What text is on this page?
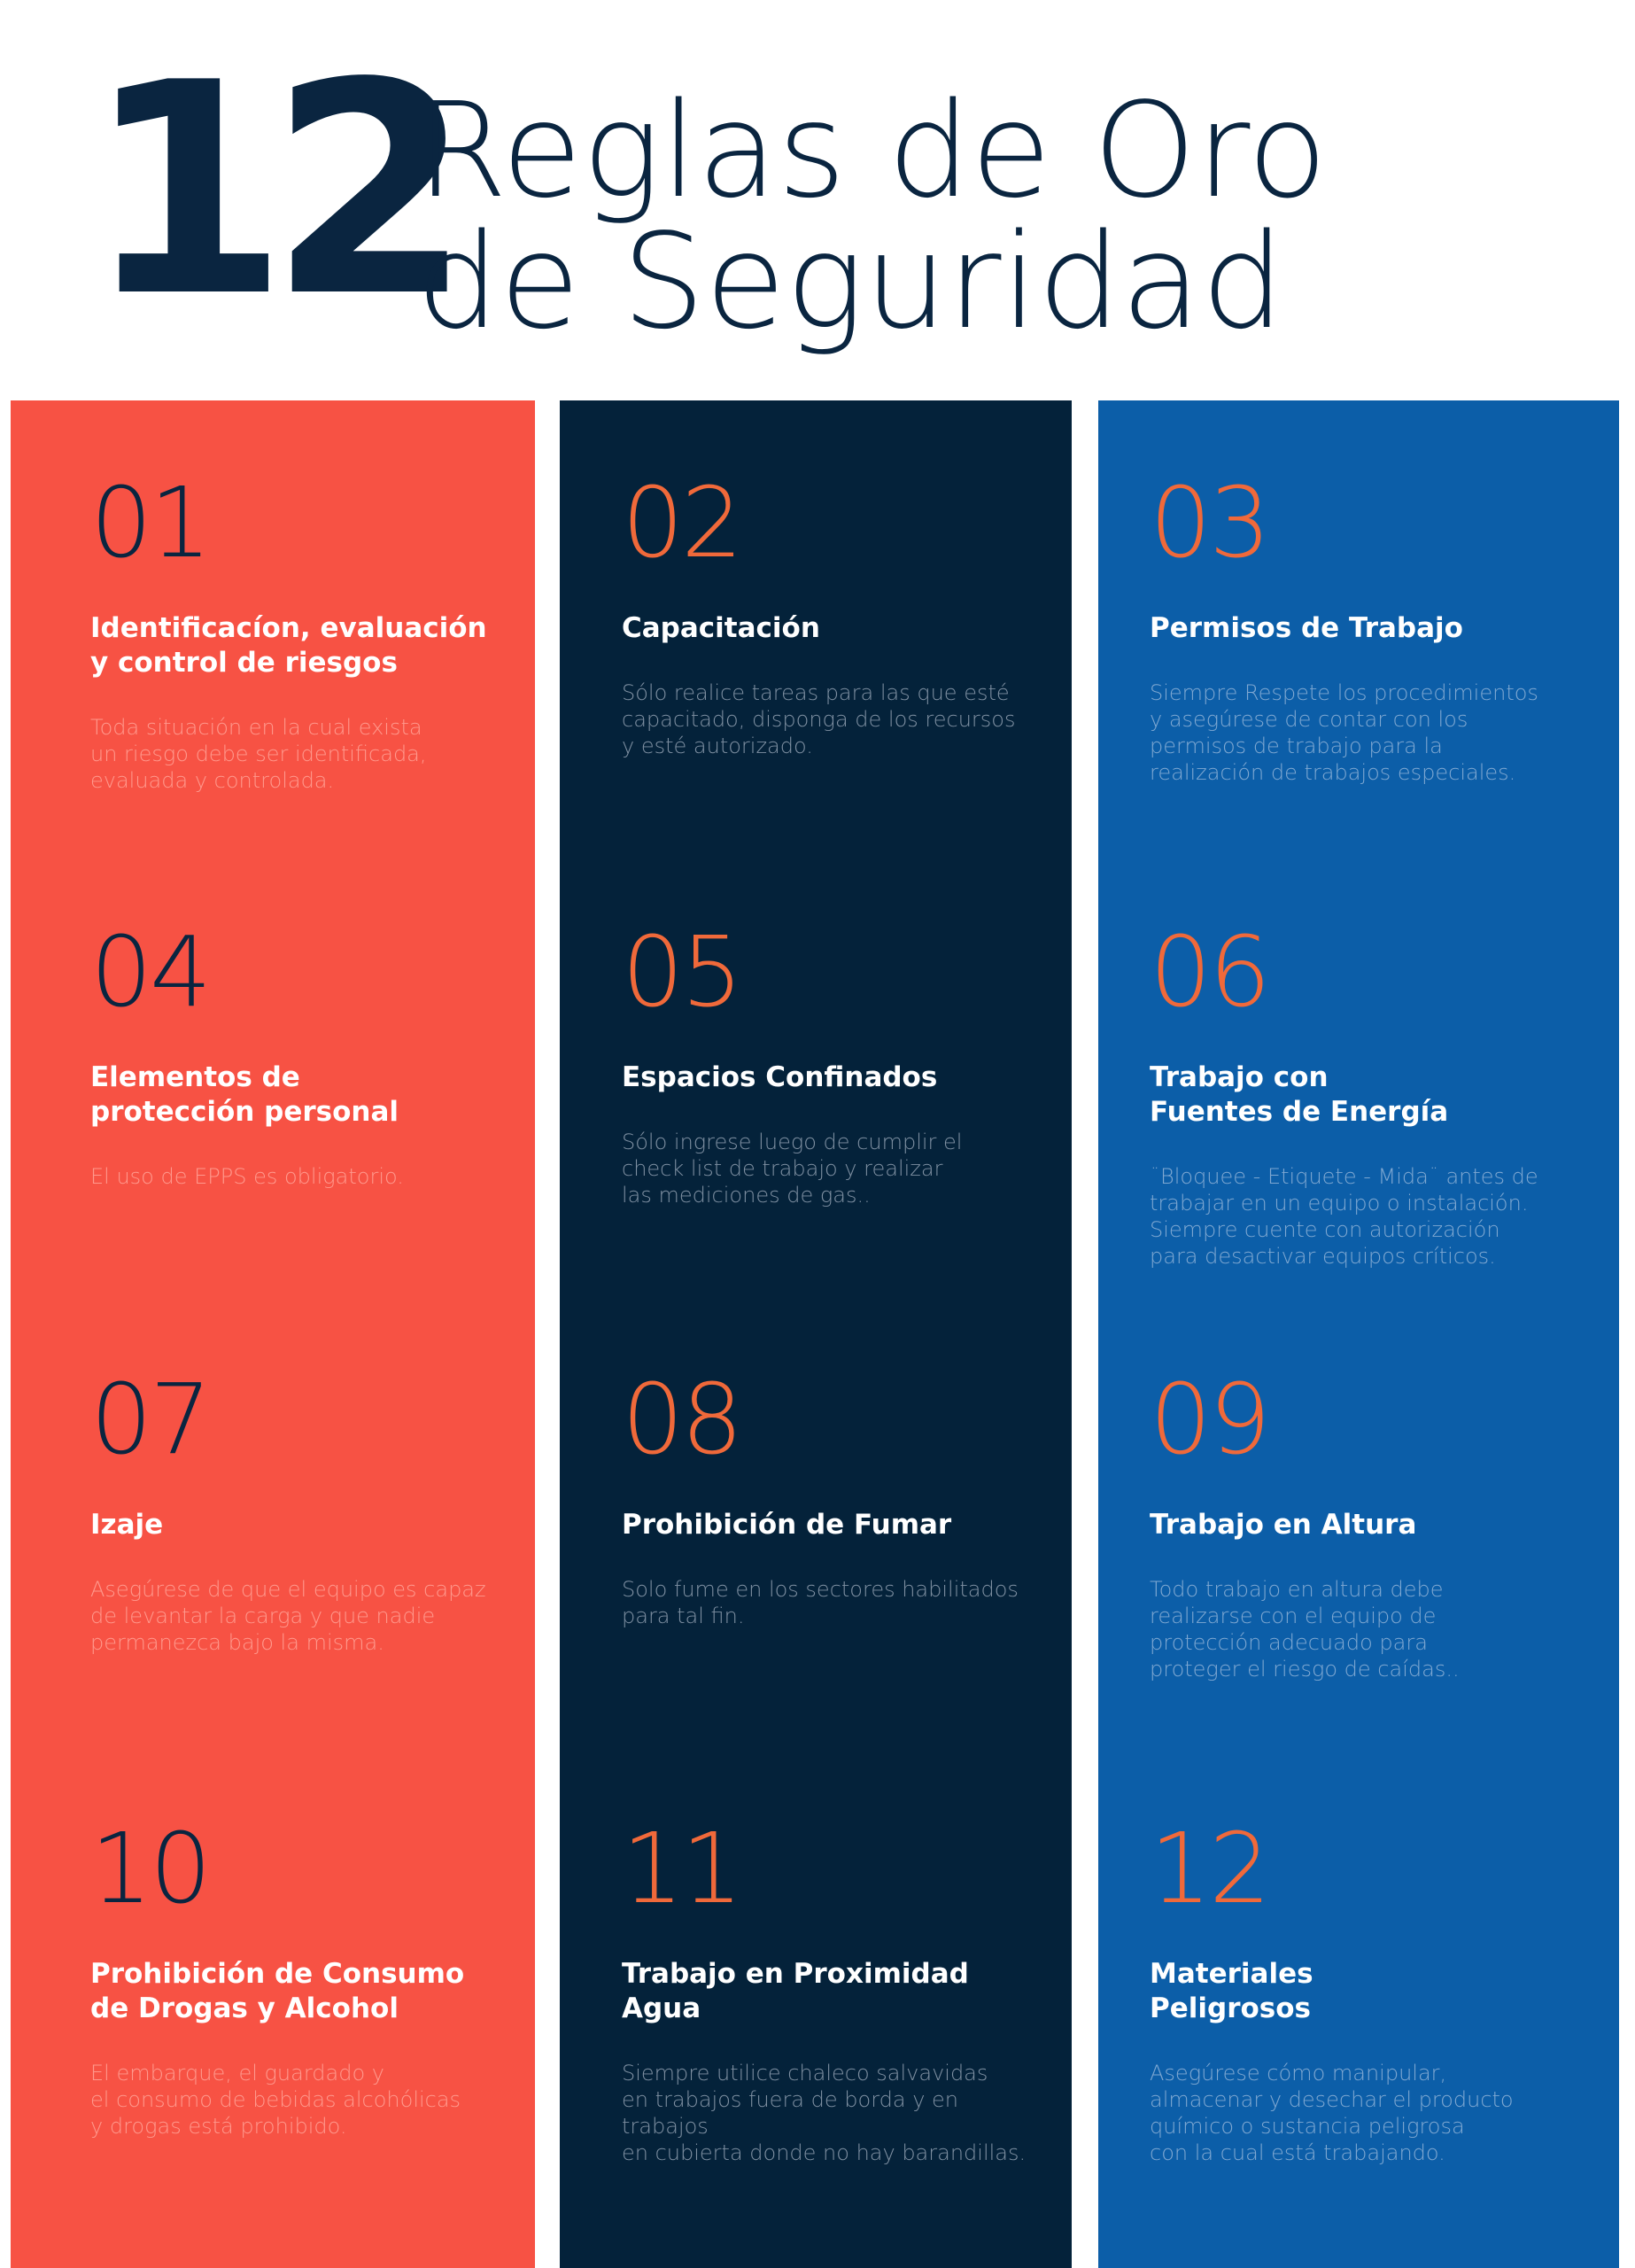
12
Reglas de Oro
de Seguridad
01
Identificacíon, evaluación
y control de riesgos
Toda situación en la cual exista
un riesgo debe ser identificada,
evaluada y controlada.
04
Elementos de
protección personal
El uso de EPPS es obligatorio.
07
Izaje
Asegúrese de que el equipo es capaz
de levantar la carga y que nadie
permanezca bajo la misma.
10
Prohibición de Consumo
de Drogas y Alcohol
El embarque, el guardado y
el consumo de bebidas alcohólicas
y drogas está prohibido.
02
Capacitación
Sólo realice tareas para las que esté
capacitado, disponga de los recursos
y esté autorizado.
05
Espacios Confinados
Sólo ingrese luego de cumplir el
check list de trabajo y realizar
las mediciones de gas..
08
Prohibición de Fumar
Solo fume en los sectores habilitados
para tal fin.
11
Trabajo en Proximidad
Agua
Siempre utilice chaleco salvavidas
en trabajos fuera de borda y en trabajos
en cubierta donde no hay barandillas.
03
Permisos de Trabajo
Siempre Respete los procedimientos
y asegúrese de contar con los
permisos de trabajo para la
realización de trabajos especiales.
06
Trabajo con
Fuentes de Energía
¨Bloquee - Etiquete - Mida¨ antes de
trabajar en un equipo o instalación.
Siempre cuente con autorización
para desactivar equipos críticos.
09
Trabajo en Altura
Todo trabajo en altura debe
realizarse con el equipo de
protección adecuado para
proteger el riesgo de caídas..
12
Materiales
Peligrosos
Asegúrese cómo manipular,
almacenar y desechar el producto
químico o sustancia peligrosa
con la cual está trabajando.
